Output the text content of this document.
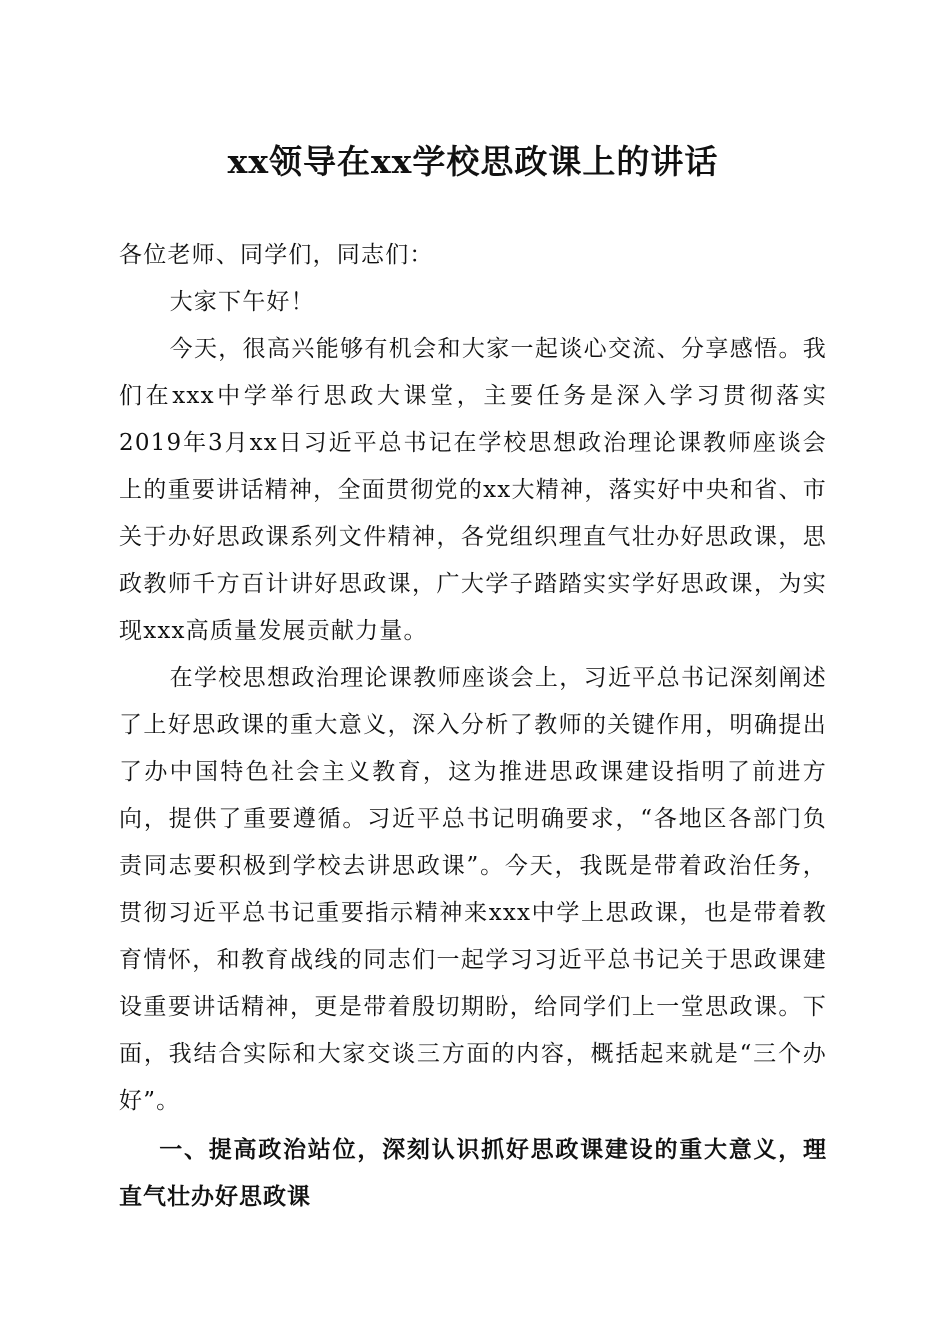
xx领导在xx学校思政课上的讲话

各位老师、同学们，同志们：

大家下午好！

今天，很高兴能够有机会和大家一起谈心交流、分享感悟。我们在xxx中学举行思政大课堂，主要任务是深入学习贯彻落实2019年3月xx日习近平总书记在学校思想政治理论课教师座谈会上的重要讲话精神，全面贯彻党的xx大精神，落实好中央和省、市关于办好思政课系列文件精神，各党组织理直气壮办好思政课，思政教师千方百计讲好思政课，广大学子踏踏实实学好思政课，为实现xxx高质量发展贡献力量。

在学校思想政治理论课教师座谈会上，习近平总书记深刻阐述了上好思政课的重大意义，深入分析了教师的关键作用，明确提出了办中国特色社会主义教育，这为推进思政课建设指明了前进方向，提供了重要遵循。习近平总书记明确要求，“各地区各部门负责同志要积极到学校去讲思政课”。今天，我既是带着政治任务，贯彻习近平总书记重要指示精神来xxx中学上思政课，也是带着教育情怀，和教育战线的同志们一起学习习近平总书记关于思政课建设重要讲话精神，更是带着殷切期盼，给同学们上一堂思政课。下面，我结合实际和大家交谈三方面的内容，概括起来就是“三个办好”。

一、提高政治站位，深刻认识抓好思政课建设的重大意义，理直气壮办好思政课
